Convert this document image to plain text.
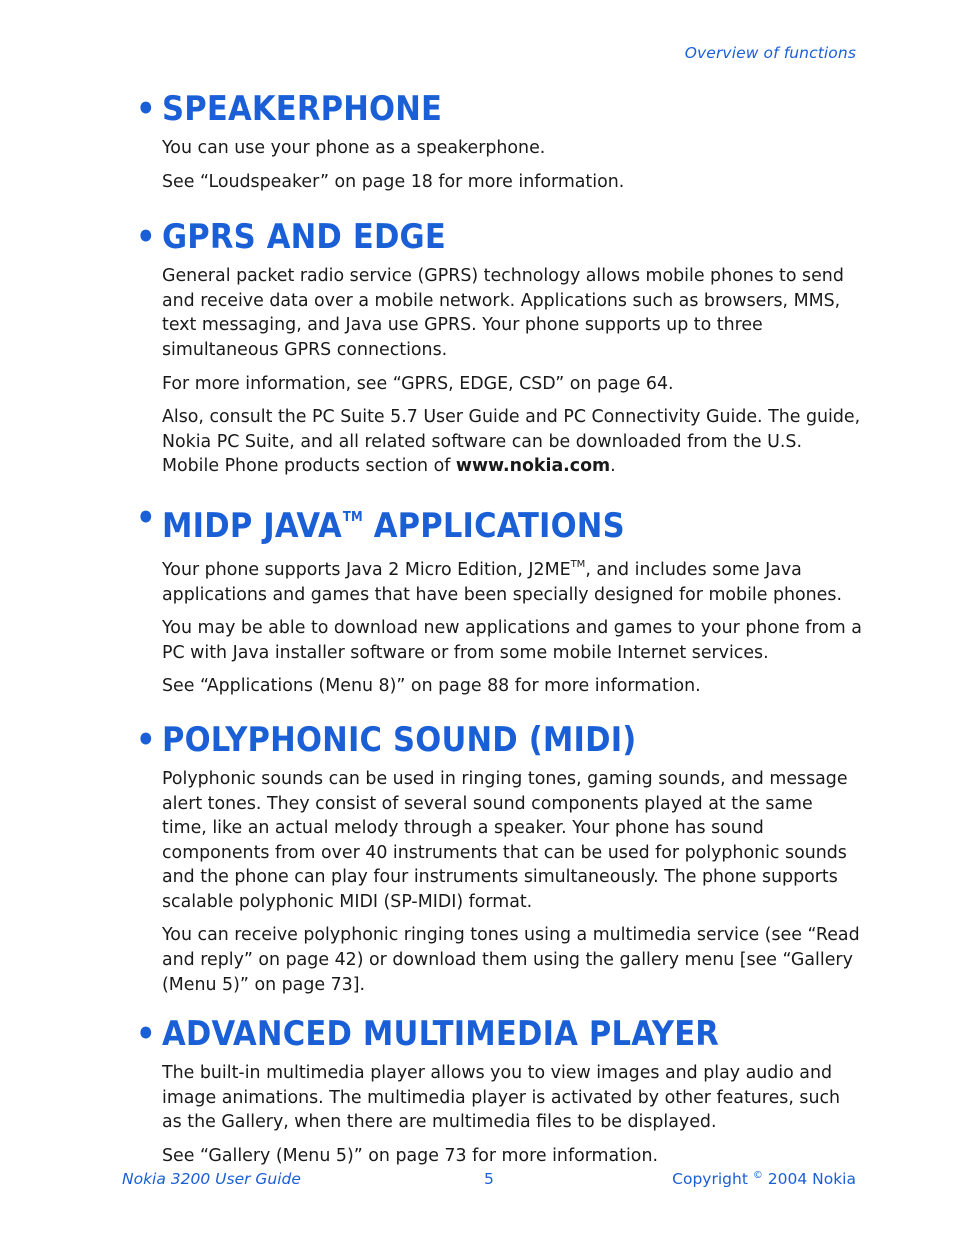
Overview of functions
• SPEAKERPHONE

You can use your phone as a speakerphone.

See “Loudspeaker” on page 18 for more information.

• GPRS AND EDGE

General packet radio service (GPRS) technology allows mobile phones to send and receive data over a mobile network. Applications such as browsers, MMS, text messaging, and Java use GPRS. Your phone supports up to three simultaneous GPRS connections.

For more information, see “GPRS, EDGE, CSD” on page 64.

Also, consult the PC Suite 5.7 User Guide and PC Connectivity Guide. The guide, Nokia PC Suite, and all related software can be downloaded from the U.S. Mobile Phone products section of www.nokia.com.

• MIDP JAVA™ APPLICATIONS

Your phone supports Java 2 Micro Edition, J2ME™, and includes some Java applications and games that have been specially designed for mobile phones.

You may be able to download new applications and games to your phone from a PC with Java installer software or from some mobile Internet services.

See “Applications (Menu 8)” on page 88 for more information.

• POLYPHONIC SOUND (MIDI)

Polyphonic sounds can be used in ringing tones, gaming sounds, and message alert tones. They consist of several sound components played at the same time, like an actual melody through a speaker. Your phone has sound components from over 40 instruments that can be used for polyphonic sounds and the phone can play four instruments simultaneously. The phone supports scalable polyphonic MIDI (SP-MIDI) format.

You can receive polyphonic ringing tones using a multimedia service (see “Read and reply” on page 42) or download them using the gallery menu [see “Gallery (Menu 5)” on page 73].

• ADVANCED MULTIMEDIA PLAYER

The built-in multimedia player allows you to view images and play audio and image animations. The multimedia player is activated by other features, such as the Gallery, when there are multimedia files to be displayed.

See “Gallery (Menu 5)” on page 73 for more information.

Nokia 3200 User Guide	5	Copyright © 2004 Nokia
